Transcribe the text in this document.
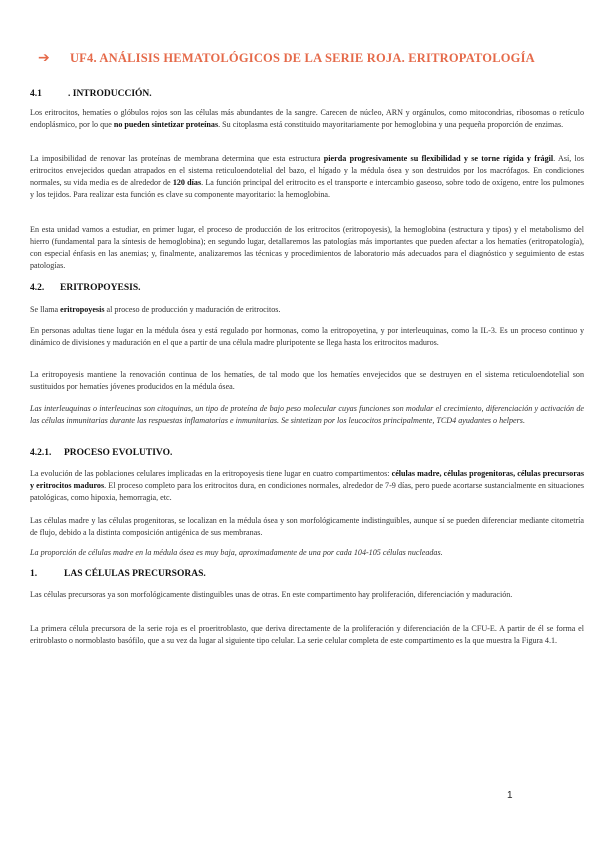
➔ UF4. ANÁLISIS HEMATOLÓGICOS DE LA SERIE ROJA. ERITROPATOLOGÍA
4.1	. INTRODUCCIÓN.

Los eritrocitos, hematíes o glóbulos rojos son las células más abundantes de la sangre. Carecen de núcleo, ARN y orgánulos, como mitocondrias, ribosomas o retículo endoplásmico, por lo que no pueden sintetizar proteínas. Su citoplasma está constituido mayoritariamente por hemoglobina y una pequeña proporción de enzimas.

La imposibilidad de renovar las proteínas de membrana determina que esta estructura pierda progresivamente su flexibilidad y se torne rígida y frágil. Así, los eritrocitos envejecidos quedan atrapados en el sistema reticuloendotelial del bazo, el hígado y la médula ósea y son destruidos por los macrófagos. En condiciones normales, su vida media es de alrededor de 120 días. La función principal del eritrocito es el transporte e intercambio gaseoso, sobre todo de oxígeno, entre los pulmones y los tejidos. Para realizar esta función es clave su componente mayoritario: la hemoglobina.

En esta unidad vamos a estudiar, en primer lugar, el proceso de producción de los eritrocitos (eritropoyesis), la hemoglobina (estructura y tipos) y el metabolismo del hierro (fundamental para la síntesis de hemoglobina); en segundo lugar, detallaremos las patologías más importantes que pueden afectar a los hematíes (eritropatología), con especial énfasis en las anemias; y, finalmente, analizaremos las técnicas y procedimientos de laboratorio más adecuados para el diagnóstico y seguimiento de estas patologías.

4.2.	ERITROPOYESIS.

Se llama eritropoyesis al proceso de producción y maduración de eritrocitos.

En personas adultas tiene lugar en la médula ósea y está regulado por hormonas, como la eritropoyetina, y por interleuquinas, como la IL-3. Es un proceso continuo y dinámico de divisiones y maduración en el que a partir de una célula madre pluripotente se llega hasta los eritrocitos maduros.

La eritropoyesis mantiene la renovación continua de los hematíes, de tal modo que los hematíes envejecidos que se destruyen en el sistema reticuloendotelial son sustituidos por hematíes jóvenes producidos en la médula ósea.

Las interleuquinas o interleucinas son citoquinas, un tipo de proteína de bajo peso molecular cuyas funciones son modular el crecimiento, diferenciación y activación de las células inmunitarias durante las respuestas inflamatorias e inmunitarias. Se sintetizan por los leucocitos principalmente, TCD4 ayudantes o helpers.

4.2.1.	PROCESO EVOLUTIVO.

La evolución de las poblaciones celulares implicadas en la eritropoyesis tiene lugar en cuatro compartimentos: células madre, células progenitoras, células precursoras y eritrocitos maduros. El proceso completo para los eritrocitos dura, en condiciones normales, alrededor de 7-9 días, pero puede acortarse sustancialmente en situaciones patológicas, como hipoxia, hemorragia, etc.

Las células madre y las células progenitoras, se localizan en la médula ósea y son morfológicamente indistinguibles, aunque sí se pueden diferenciar mediante citometría de flujo, debido a la distinta composición antigénica de sus membranas.

La proporción de células madre en la médula ósea es muy baja, aproximadamente de una por cada 104-105 células nucleadas.

1.	LAS CÉLULAS PRECURSORAS.

Las células precursoras ya son morfológicamente distinguibles unas de otras. En este compartimento hay proliferación, diferenciación y maduración.

La primera célula precursora de la serie roja es el proeritroblasto, que deriva directamente de la proliferación y diferenciación de la CFU-E. A partir de él se forma el eritroblasto o normoblasto basófilo, que a su vez da lugar al siguiente tipo celular. La serie celular completa de este compartimento es la que muestra la Figura 4.1.

1
